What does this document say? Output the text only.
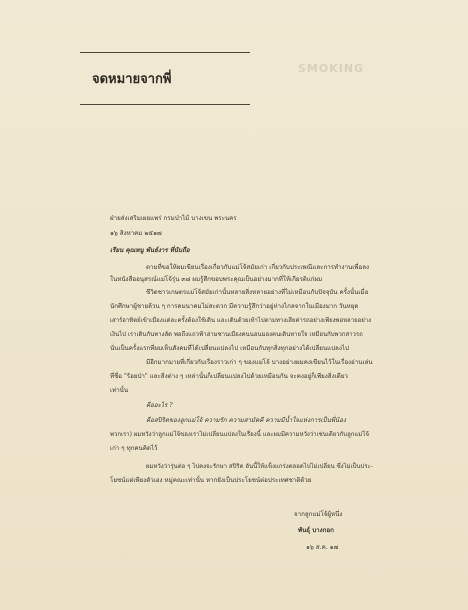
จดหมายจากพี่
SMOKING
ฝ่ายส่งเสริมเผยแพร่ กรมป่าไม้ บางเขน พระนคร
๑๖ สิงหาคม ๒๕๑๗
เรียน คุณหนู พันธ์งาร ที่นับถือ
ตามที่ขอให้ผมเขียนเรื่องเกี่ยวกับแม่โจ้สมัยเก่า เกี่ยวกับประเพณีและการทำงานเพื่อลง
ในหนังสืออนุสรณ์แม่โจ้รุ่น ๓๘ ผมรู้สึกขอบพระคุณเป็นอย่างมากที่ให้เกียรติแก่ผม
ชีวิตชาวเกษตรแม่โจ้สมัยเก่านั้นหลายสิ่งหลายอย่างที่ไม่เหมือนกับปัจจุบัน ครั้งนั้นเมื่อ
นักศึกษาผู้ชายล้วน ๆ การคมนาคมไม่สะดวก มีความรู้สึกว่าอยู่ห่างไกลจากในเมืองมาก วันหยุด
เสาร์อาทิตย์เข้าเมืองแต่ละครั้งต้องใช้เดิน และเดินด้วยเท้าไปตามทางเสียค่ารถอย่างเพียงพอหลายอย่าง
เงินไป เราเดินกันทางลัด พอถึงแถวฟ้าฮ่ามซานเมืองคนนอนมองคนเดินหายใจ เหมือนกับพวกสาวรถ
นั่นเป็นครั้งแรกที่ผมเห็นสังคมที่ได้เปลี่ยนแปลงไป เหมือนกับทุกสิ่งทุกอย่างได้เปลี่ยนแปลงไป
มีอีกมากมายที่เกี่ยวกับเรื่องราวเก่า ๆ ของแม่โจ้ บางอย่างผมคงเขียนไว้ในเรื่องอ่านเล่น
ที่ชื่อ "ร้อยป่า" และสิ่งต่าง ๆ เหล่านั้นก็เปลี่ยนแปลงไปด้วยเหมือนกัน จะคงอยู่ก็เพียงสิ่งเดียว
เท่านั้น
คืออะไร ?
คือสปิริตของลูกแม่โจ้ ความรัก ความสามัคคี ความมีน้ำใจแห่งการเป็นพี่น้อง
พวกเรา) ผมหวังว่าลูกแม่โจ้ของเราไม่เปลี่ยนแปลงในเรื่องนี้ และผมมีความหวังว่าเช่นเดียวกับลูกแม่โจ้
เก่า ๆ ทุกคนคิดไว้
ผมหวังว่ารุ่นต่อ ๆ ไปคงจะรักษา สปิริต อันนี้ให้แข็งแกร่งตลอดไปไม่เปลี่ยน ซึ่งไม่เป็นประ-
โยชน์แต่เพียงตัวเอง หมู่คณะเท่านั้น หากยังเป็นประโยชน์ต่อประเทศชาติด้วย
จากลูกแม่โจ้ผู้หนึ่ง
พันธุ์ บางกอก
๑๖ ส.ค. ๑๗
